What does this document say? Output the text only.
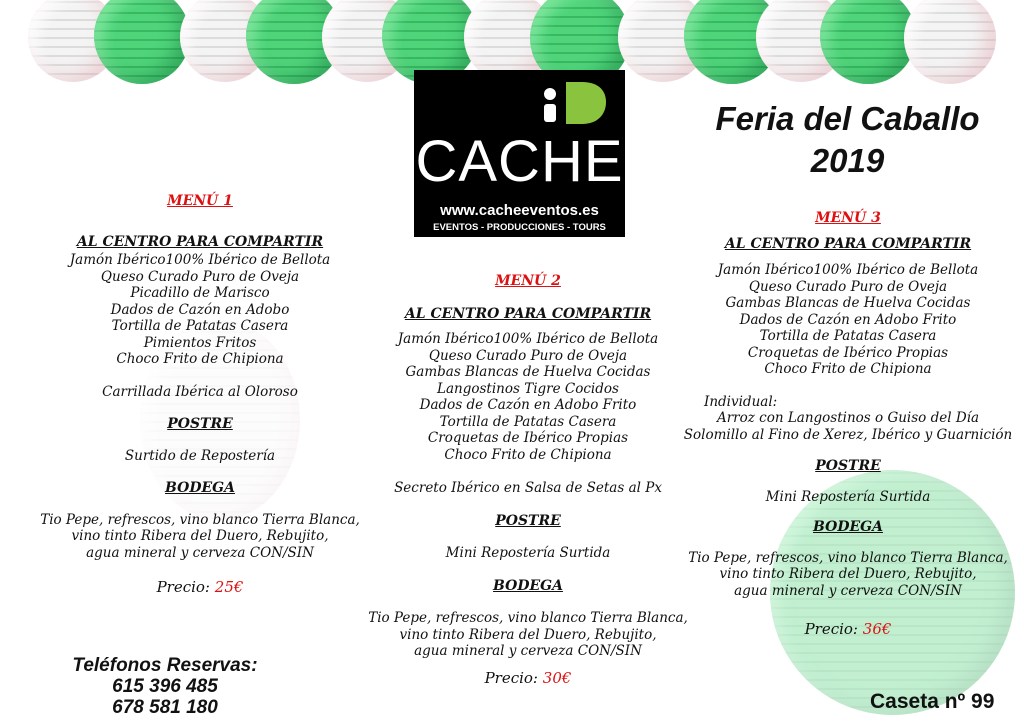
CACHE
www.cacheeventos.es
EVENTOS - PRODUCCIONES - TOURS
Feria del Caballo
2019

MENÚ 1

AL CENTRO PARA COMPARTIR

Jamón Ibérico100% Ibérico de Bellota

Queso Curado Puro de Oveja

Picadillo de Marisco

Dados de Cazón en Adobo

Tortilla de Patatas Casera

Pimientos Fritos

Choco Frito de Chipiona

Carrillada Ibérica al Oloroso

POSTRE

Surtido de Repostería

BODEGA

Tio Pepe, refrescos, vino blanco Tierra Blanca,

vino tinto Ribera del Duero, Rebujito,

agua mineral y cerveza CON/SIN

Precio: 25€

MENÚ 2

AL CENTRO PARA COMPARTIR

Jamón Ibérico100% Ibérico de Bellota

Queso Curado Puro de Oveja

Gambas Blancas de Huelva Cocidas

Langostinos Tigre Cocidos

Dados de Cazón en Adobo Frito

Tortilla de Patatas Casera

Croquetas de Ibérico Propias

Choco Frito de Chipiona

Secreto Ibérico en Salsa de Setas al Px

POSTRE

Mini Repostería Surtida

BODEGA

Tio Pepe, refrescos, vino blanco Tierra Blanca,

vino tinto Ribera del Duero, Rebujito,

agua mineral y cerveza CON/SIN

Precio: 30€

MENÚ 3

AL CENTRO PARA COMPARTIR

Jamón Ibérico100% Ibérico de Bellota

Queso Curado Puro de Oveja

Gambas Blancas de Huelva Cocidas

Dados de Cazón en Adobo Frito

Tortilla de Patatas Casera

Croquetas de Ibérico Propias

Choco Frito de Chipiona

Individual:

Arroz con Langostinos o Guiso del Día

Solomillo al Fino de Xerez, Ibérico y Guarnición

POSTRE

Mini Repostería Surtida

BODEGA

Tio Pepe, refrescos, vino blanco Tierra Blanca,

vino tinto Ribera del Duero, Rebujito,

agua mineral y cerveza CON/SIN

Precio: 36€

Teléfonos Reservas:
615 396 485
678 581 180	Caseta nº 99
